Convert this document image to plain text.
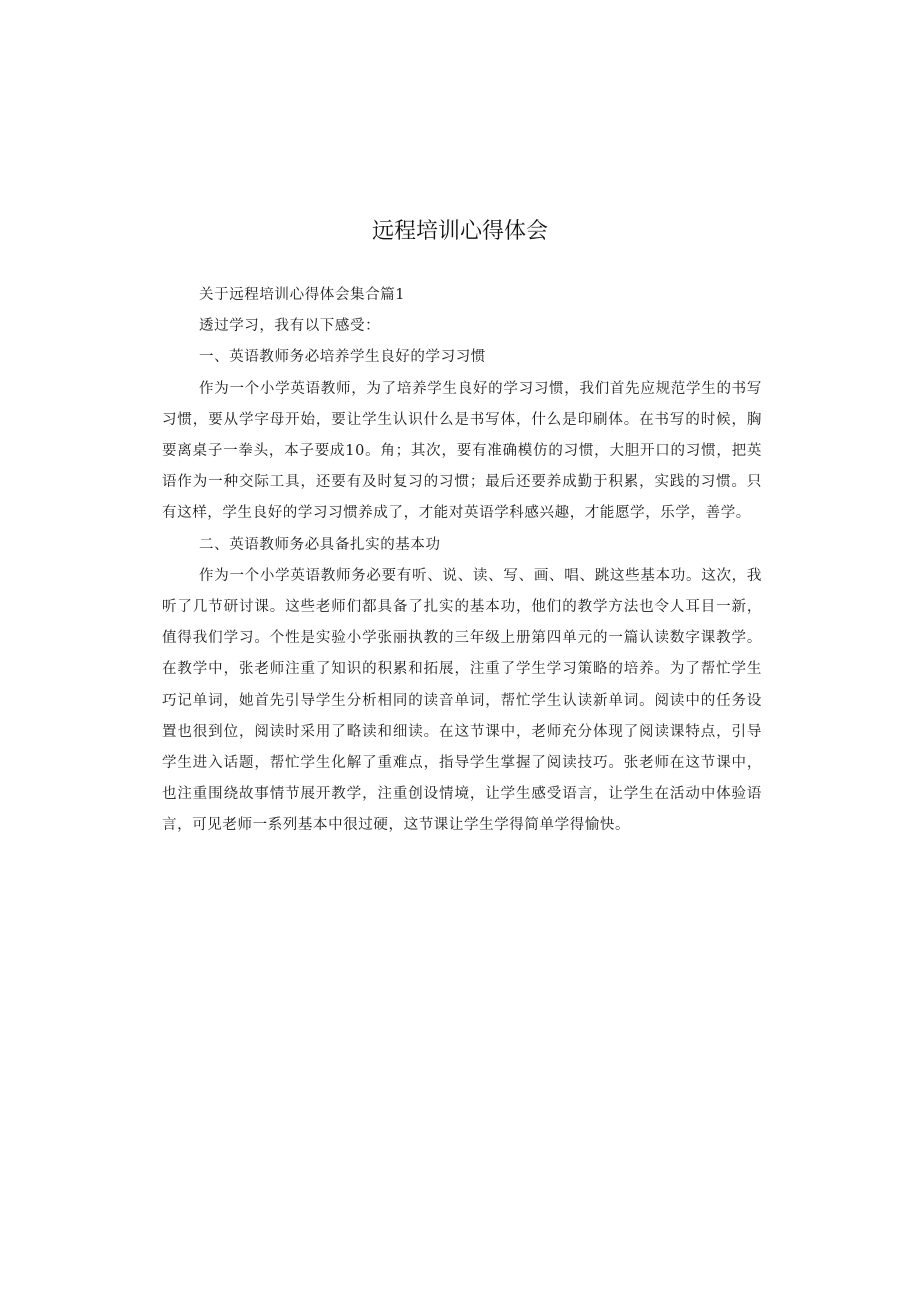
远程培训心得体会

关于远程培训心得体会集合篇1

透过学习，我有以下感受：

一、英语教师务必培养学生良好的学习习惯

作为一个小学英语教师，为了培养学生良好的学习习惯，我们首先应规范学生的书写习惯，要从学字母开始，要让学生认识什么是书写体，什么是印刷体。在书写的时候，胸要离桌子一拳头，本子要成10。角；其次，要有准确模仿的习惯，大胆开口的习惯，把英语作为一种交际工具，还要有及时复习的习惯；最后还要养成勤于积累，实践的习惯。只有这样，学生良好的学习习惯养成了，才能对英语学科感兴趣，才能愿学，乐学，善学。

二、英语教师务必具备扎实的基本功

作为一个小学英语教师务必要有听、说、读、写、画、唱、跳这些基本功。这次，我听了几节研讨课。这些老师们都具备了扎实的基本功，他们的教学方法也令人耳目一新，值得我们学习。个性是实验小学张丽执教的三年级上册第四单元的一篇认读数字课教学。在教学中，张老师注重了知识的积累和拓展，注重了学生学习策略的培养。为了帮忙学生巧记单词，她首先引导学生分析相同的读音单词，帮忙学生认读新单词。阅读中的任务设置也很到位，阅读时采用了略读和细读。在这节课中，老师充分体现了阅读课特点，引导学生进入话题，帮忙学生化解了重难点，指导学生掌握了阅读技巧。张老师在这节课中，也注重围绕故事情节展开教学，注重创设情境，让学生感受语言，让学生在活动中体验语言，可见老师一系列基本中很过硬，这节课让学生学得简单学得愉快。
